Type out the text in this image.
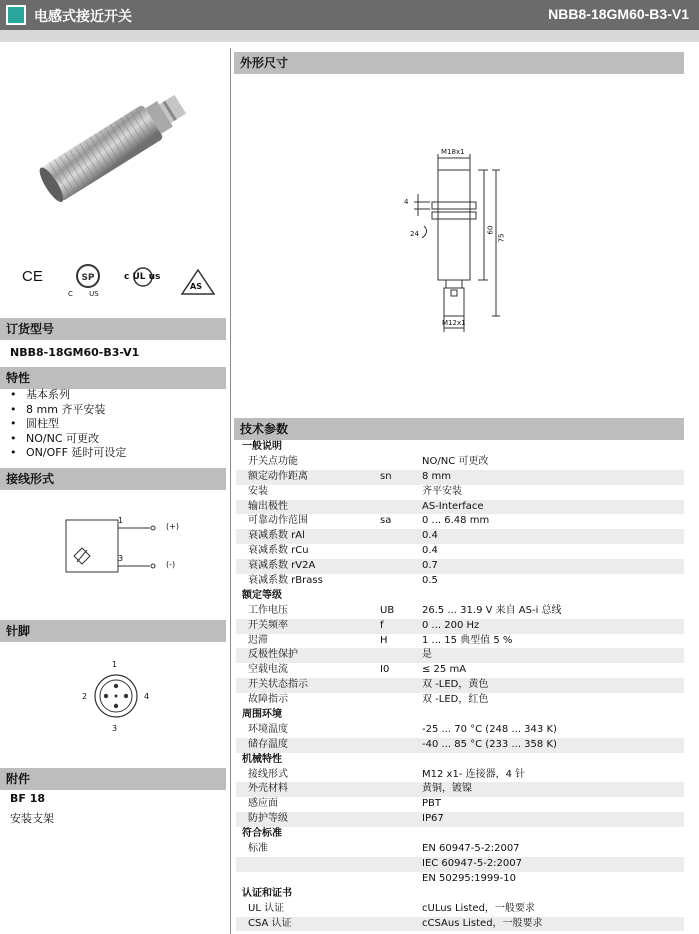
电感式接近开关	NBB8-18GM60-B3-V1
CE	SP
C US
c UL us
AS
订货型号
NBB8-18GM60-B3-V1
特性
• 基本系列
• 8 mm 齐平安装
• 圆柱型
• NO/NC 可更改
• ON/OFF 延时可设定
接线形式
1
3
(+)
(-)
针脚
1
2	4
3
附件
BF 18
安装支架
外形尺寸
M18x1
M12x1
4
24	60
75
技术参数
一般说明
开关点功能	NO/NC 可更改
额定动作距离	sn	8 mm
安装	齐平安装
输出极性	AS-Interface
可靠动作范围	sa	0 ... 6.48 mm
衰减系数 rAl	0.4
衰减系数 rCu	0.4
衰减系数 rV2A	0.7
衰减系数 rBrass	0.5
额定等级
工作电压	UB	26.5 ... 31.9 V 来自 AS-i 总线
开关频率	f	0 ... 200 Hz
迟滞	H	1 ... 15 典型值 5 %
反极性保护	是
空载电流	I0	≤ 25 mA
开关状态指示	双 -LED，黄色
故障指示	双 -LED，红色
周围环境
环境温度	-25 ... 70 °C (248 ... 343 K)
储存温度	-40 ... 85 °C (233 ... 358 K)
机械特性
接线形式	M12 x1- 连接器，4 针
外壳材料	黄铜，镀镍
感应面	PBT
防护等级	IP67
符合标准
标准	EN 60947-5-2:2007
IEC 60947-5-2:2007
EN 50295:1999-10
认证和证书
UL 认证	cULus Listed，一般要求
CSA 认证	cCSAus Listed，一般要求
